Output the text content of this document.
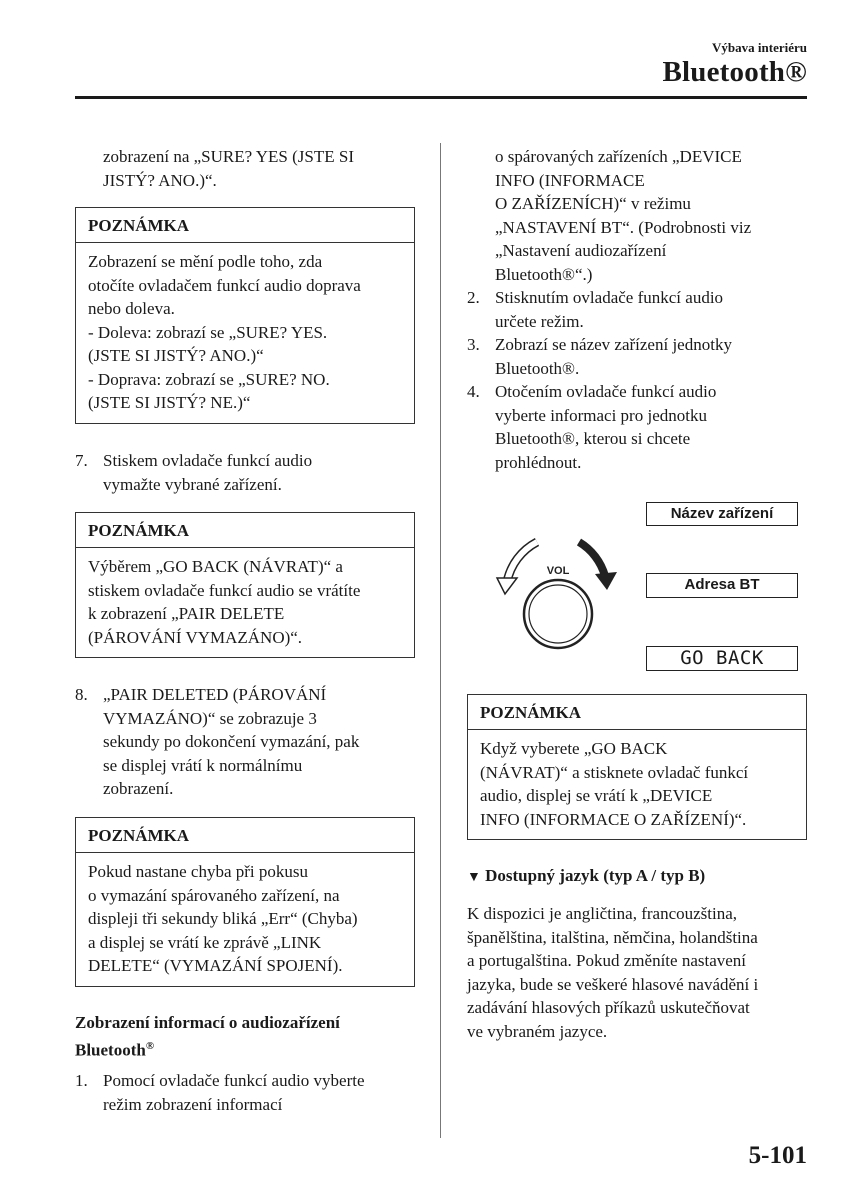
Výbava interiéru
Bluetooth®

zobrazení na „SURE? YES (JSTE SI

JISTÝ? ANO.)“.

POZNÁMKA

Zobrazení se mění podle toho, zda

otočíte ovladačem funkcí audio doprava

nebo doleva.

- Doleva: zobrazí se „SURE? YES.

(JSTE SI JISTÝ? ANO.)“

- Doprava: zobrazí se „SURE? NO.

(JSTE SI JISTÝ? NE.)“

7. Stiskem ovladače funkcí audio

vymažte vybrané zařízení.

POZNÁMKA

Výběrem „GO BACK (NÁVRAT)“ a

stiskem ovladače funkcí audio se vrátíte

k zobrazení „PAIR DELETE

(PÁROVÁNÍ VYMAZÁNO)“.

8. „PAIR DELETED (PÁROVÁNÍ

VYMAZÁNO)“ se zobrazuje 3

sekundy po dokončení vymazání, pak

se displej vrátí k normálnímu

zobrazení.

POZNÁMKA

Pokud nastane chyba při pokusu

o vymazání spárovaného zařízení, na

displeji tři sekundy bliká „Err“ (Chyba)

a displej se vrátí ke zprávě „LINK

DELETE“ (VYMAZÁNÍ SPOJENÍ).

Zobrazení informací o audiozařízení

Bluetooth®

1. Pomocí ovladače funkcí audio vyberte

režim zobrazení informací

o spárovaných zařízeních „DEVICE

INFO (INFORMACE

O ZAŘÍZENÍCH)“ v režimu

„NASTAVENÍ BT“. (Podrobnosti viz

„Nastavení audiozařízení

Bluetooth®“.)

2. Stisknutím ovladače funkcí audio

určete režim.

3. Zobrazí se název zařízení jednotky

Bluetooth®.

4. Otočením ovladače funkcí audio

vyberte informaci pro jednotku

Bluetooth®, kterou si chcete

prohlédnout.

VOL
Název zařízení
Adresa BT
GO BACK
POZNÁMKA

Když vyberete „GO BACK

(NÁVRAT)“ a stisknete ovladač funkcí

audio, displej se vrátí k „DEVICE

INFO (INFORMACE O ZAŘÍZENÍ)“.

▼ Dostupný jazyk (typ A / typ B)

K dispozici je angličtina, francouzština,

španělština, italština, němčina, holandština

a portugalština. Pokud změníte nastavení

jazyka, bude se veškeré hlasové navádění i

zadávání hlasových příkazů uskutečňovat

ve vybraném jazyce.

5-101
